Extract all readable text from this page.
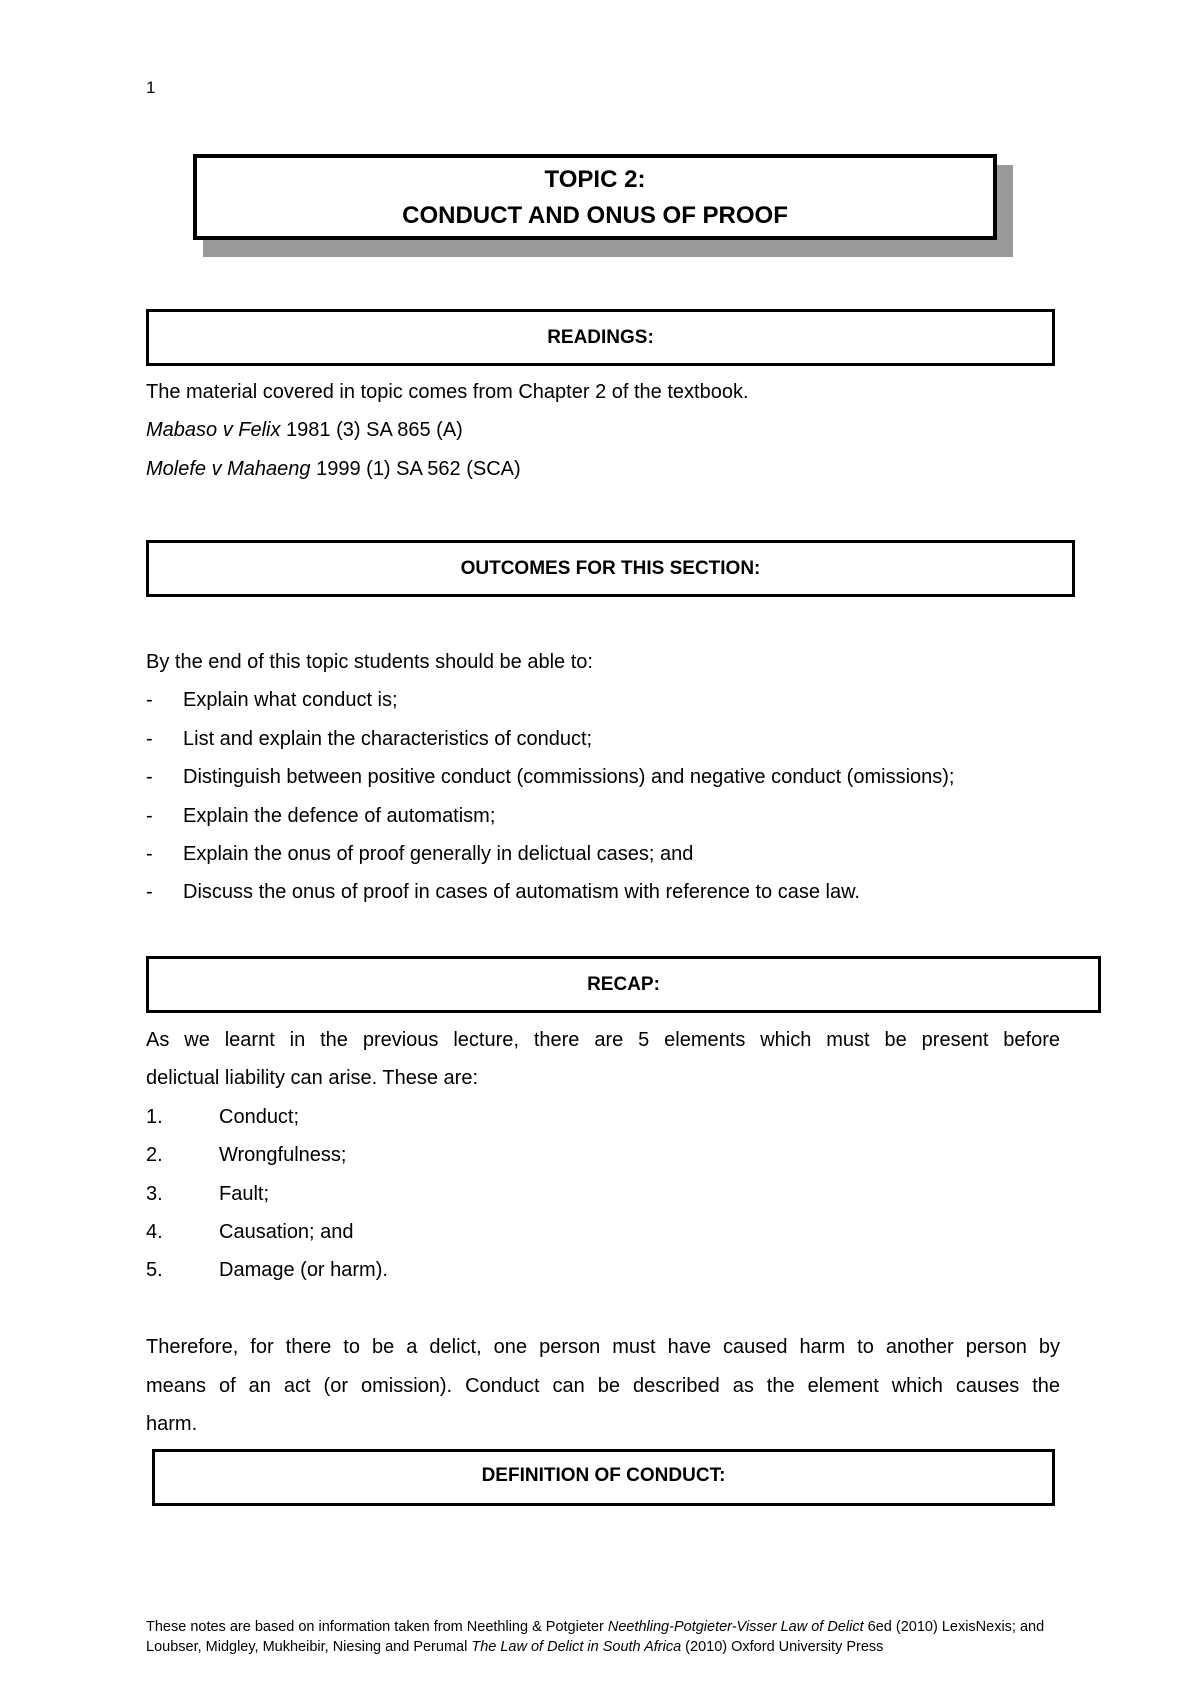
1
TOPIC 2:
CONDUCT AND ONUS OF PROOF
READINGS:
The material covered in topic comes from Chapter 2 of the textbook.
Mabaso v Felix 1981 (3) SA 865 (A)
Molefe v Mahaeng 1999 (1) SA 562 (SCA)
OUTCOMES FOR THIS SECTION:
By the end of this topic students should be able to:
- Explain what conduct is;
- List and explain the characteristics of conduct;
- Distinguish between positive conduct (commissions) and negative conduct (omissions);
- Explain the defence of automatism;
- Explain the onus of proof generally in delictual cases; and
- Discuss the onus of proof in cases of automatism with reference to case law.
RECAP:
As we learnt in the previous lecture, there are 5 elements which must be present before
delictual liability can arise. These are:
1.	Conduct;
2.	Wrongfulness;
3.	Fault;
4.	Causation; and
5.	Damage (or harm).
Therefore, for there to be a delict, one person must have caused harm to another person by
means of an act (or omission). Conduct can be described as the element which causes the
harm.
DEFINITION OF CONDUCT:
These notes are based on information taken from Neethling & Potgieter Neethling-Potgieter-Visser Law of Delict 6ed (2010) LexisNexis; and Loubser, Midgley, Mukheibir, Niesing and Perumal The Law of Delict in South Africa (2010) Oxford University Press
